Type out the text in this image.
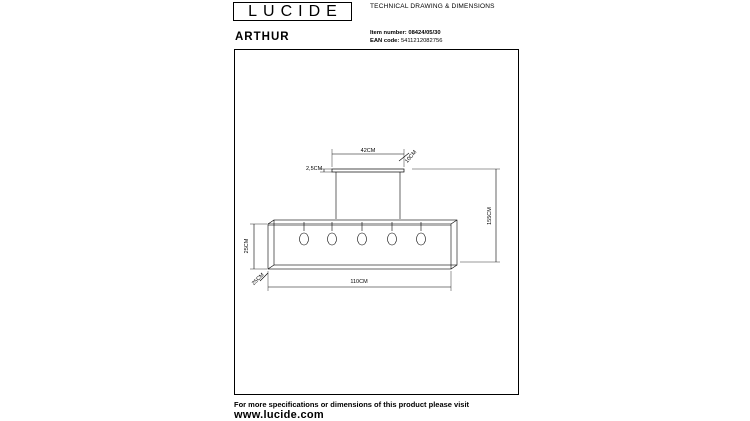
LUCIDE	TECHNICAL DRAWING & DIMENSIONS
ARTHUR	Item number: 08424/05/30
EAN code: 5411212082756
42CM	10CM
2,5CM
155CM
25CM
110CM
25CM
For more specifications or dimensions of this product please visit
www.lucide.com
